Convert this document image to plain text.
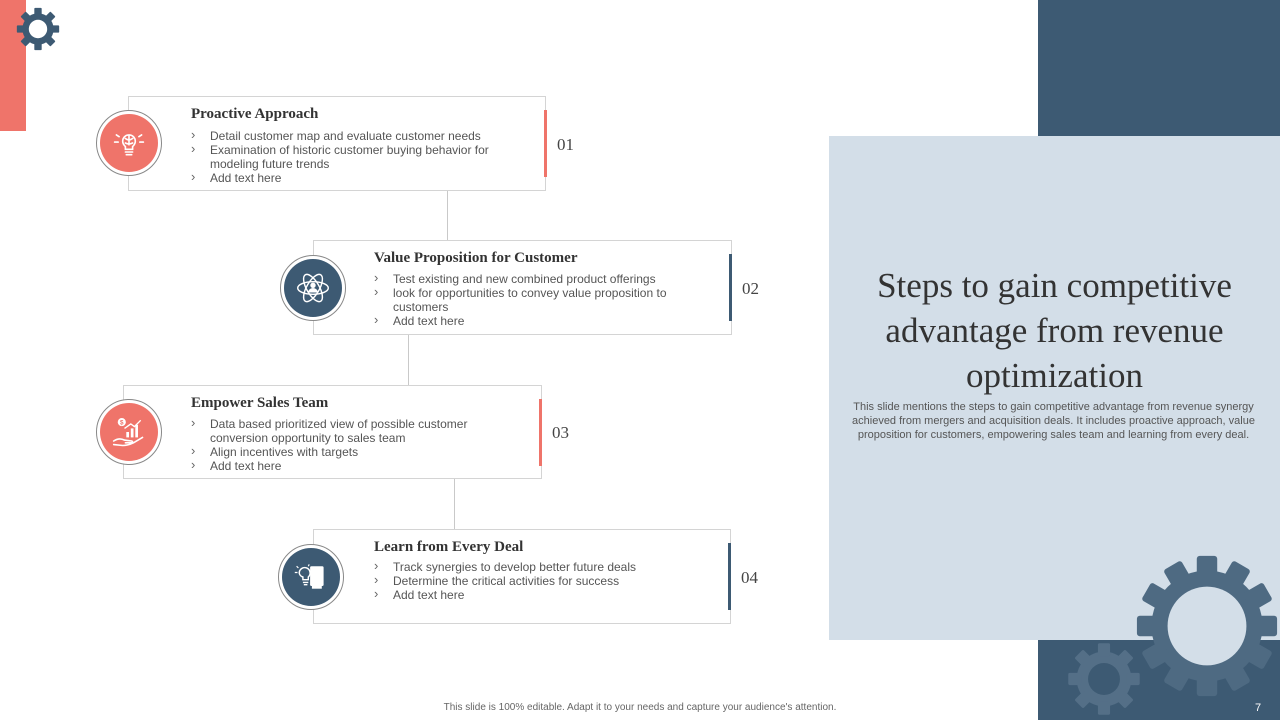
Proactive Approach
› Detail customer map and evaluate customer needs
› Examination of historic customer buying behavior for modeling future trends
› Add text here
01
Value Proposition for Customer
› Test existing and new combined product offerings
› look for opportunities to convey value proposition to customers
› Add text here
02
Empower Sales Team
› Data based prioritized view of possible customer conversion opportunity to sales team
› Align incentives with targets
› Add text here
03
$
Learn from Every Deal
› Track synergies to develop better future deals
› Determine the critical activities for success
› Add text here
04
Steps to gain competitive advantage from revenue optimization
This slide mentions the steps to gain competitive advantage from revenue synergy achieved from mergers and acquisition deals. It includes proactive approach, value proposition for customers, empowering sales team and learning from every deal.
This slide is 100% editable. Adapt it to your needs and capture your audience's attention.	7
